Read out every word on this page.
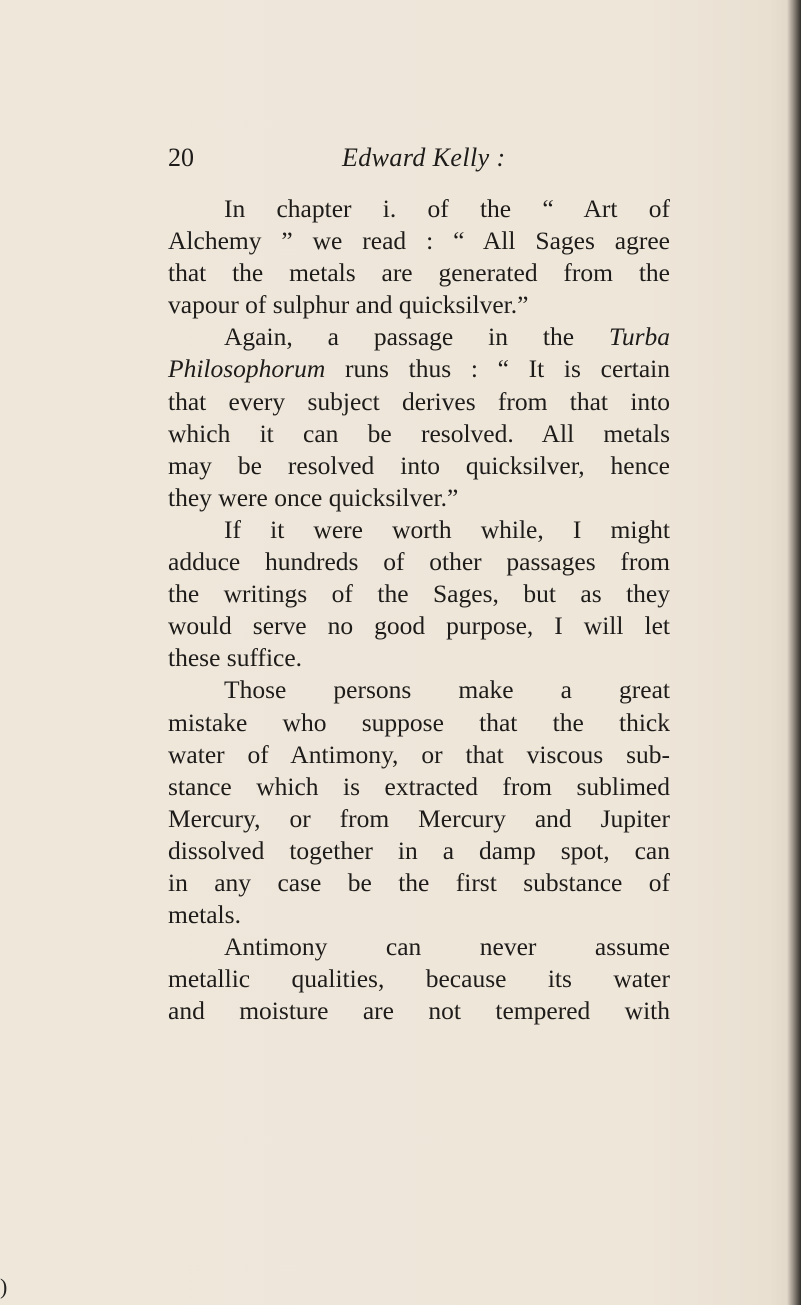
20	Edward Kelly :
In chapter i. of the “ Art of
Alchemy ” we read : “ All Sages agree
that the metals are generated from the
vapour of sulphur and quicksilver.”
Again, a passage in the Turba
Philosophorum runs thus : “ It is certain
that every subject derives from that into
which it can be resolved. All metals
may be resolved into quicksilver, hence
they were once quicksilver.”
If it were worth while, I might
adduce hundreds of other passages from
the writings of the Sages, but as they
would serve no good purpose, I will let
these suffice.
Those persons make a great
mistake who suppose that the thick
water of Antimony, or that viscous sub-
stance which is extracted from sublimed
Mercury, or from Mercury and Jupiter
dissolved together in a damp spot, can
in any case be the first substance of
metals.
Antimony can never assume
metallic qualities, because its water
and moisture are not tempered with
)
